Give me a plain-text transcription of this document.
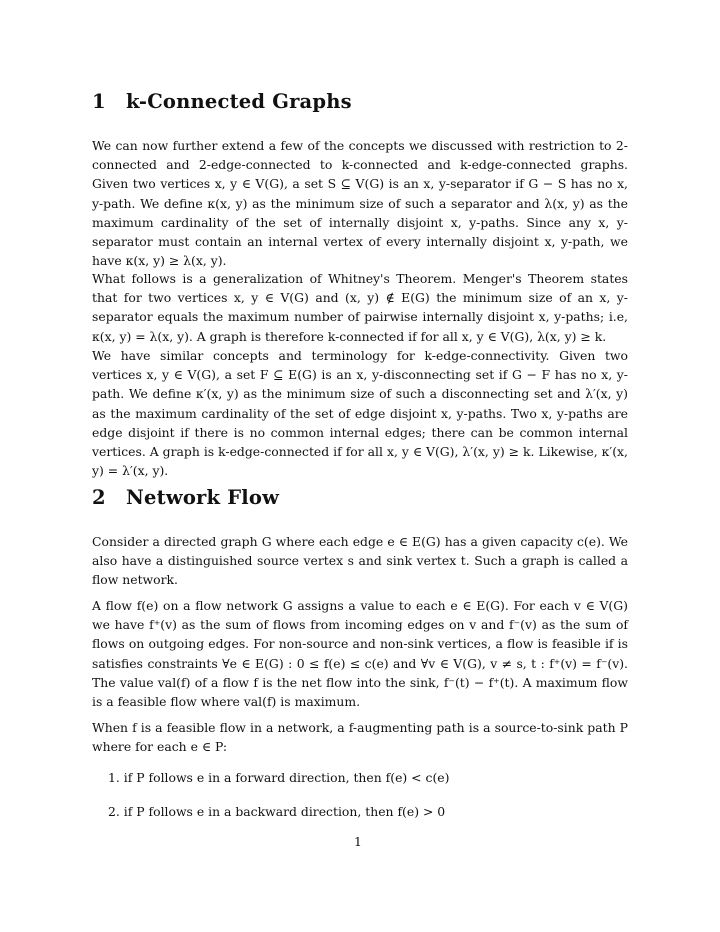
1 k-Connected Graphs
We can now further extend a few of the concepts we discussed with restriction to 2-connected and 2-edge-connected to k-connected and k-edge-connected graphs. Given two vertices x, y ∈ V(G), a set S ⊆ V(G) is an x, y-separator if G − S has no x, y-path. We define κ(x, y) as the minimum size of such a separator and λ(x, y) as the maximum cardinality of the set of internally disjoint x, y-paths. Since any x, y-separator must contain an internal vertex of every internally disjoint x, y-path, we have κ(x, y) ≥ λ(x, y).
What follows is a generalization of Whitney's Theorem. Menger's Theorem states that for two vertices x, y ∈ V(G) and (x, y) ∉ E(G) the minimum size of an x, y-separator equals the maximum number of pairwise internally disjoint x, y-paths; i.e, κ(x, y) = λ(x, y). A graph is therefore k-connected if for all x, y ∈ V(G), λ(x, y) ≥ k.
We have similar concepts and terminology for k-edge-connectivity. Given two vertices x, y ∈ V(G), a set F ⊆ E(G) is an x, y-disconnecting set if G − F has no x, y-path. We define κ′(x, y) as the minimum size of such a disconnecting set and λ′(x, y) as the maximum cardinality of the set of edge disjoint x, y-paths. Two x, y-paths are edge disjoint if there is no common internal edges; there can be common internal vertices. A graph is k-edge-connected if for all x, y ∈ V(G), λ′(x, y) ≥ k. Likewise, κ′(x, y) = λ′(x, y).
2 Network Flow
Consider a directed graph G where each edge e ∈ E(G) has a given capacity c(e). We also have a distinguished source vertex s and sink vertex t. Such a graph is called a flow network.
A flow f(e) on a flow network G assigns a value to each e ∈ E(G). For each v ∈ V(G) we have f⁺(v) as the sum of flows from incoming edges on v and f⁻(v) as the sum of flows on outgoing edges. For non-source and non-sink vertices, a flow is feasible if is satisfies constraints ∀e ∈ E(G) : 0 ≤ f(e) ≤ c(e) and ∀v ∈ V(G), v ≠ s, t : f⁺(v) = f⁻(v). The value val(f) of a flow f is the net flow into the sink, f⁻(t) − f⁺(t). A maximum flow is a feasible flow where val(f) is maximum.
When f is a feasible flow in a network, a f-augmenting path is a source-to-sink path P where for each e ∈ P:
1. if P follows e in a forward direction, then f(e) < c(e)
2. if P follows e in a backward direction, then f(e) > 0
1
